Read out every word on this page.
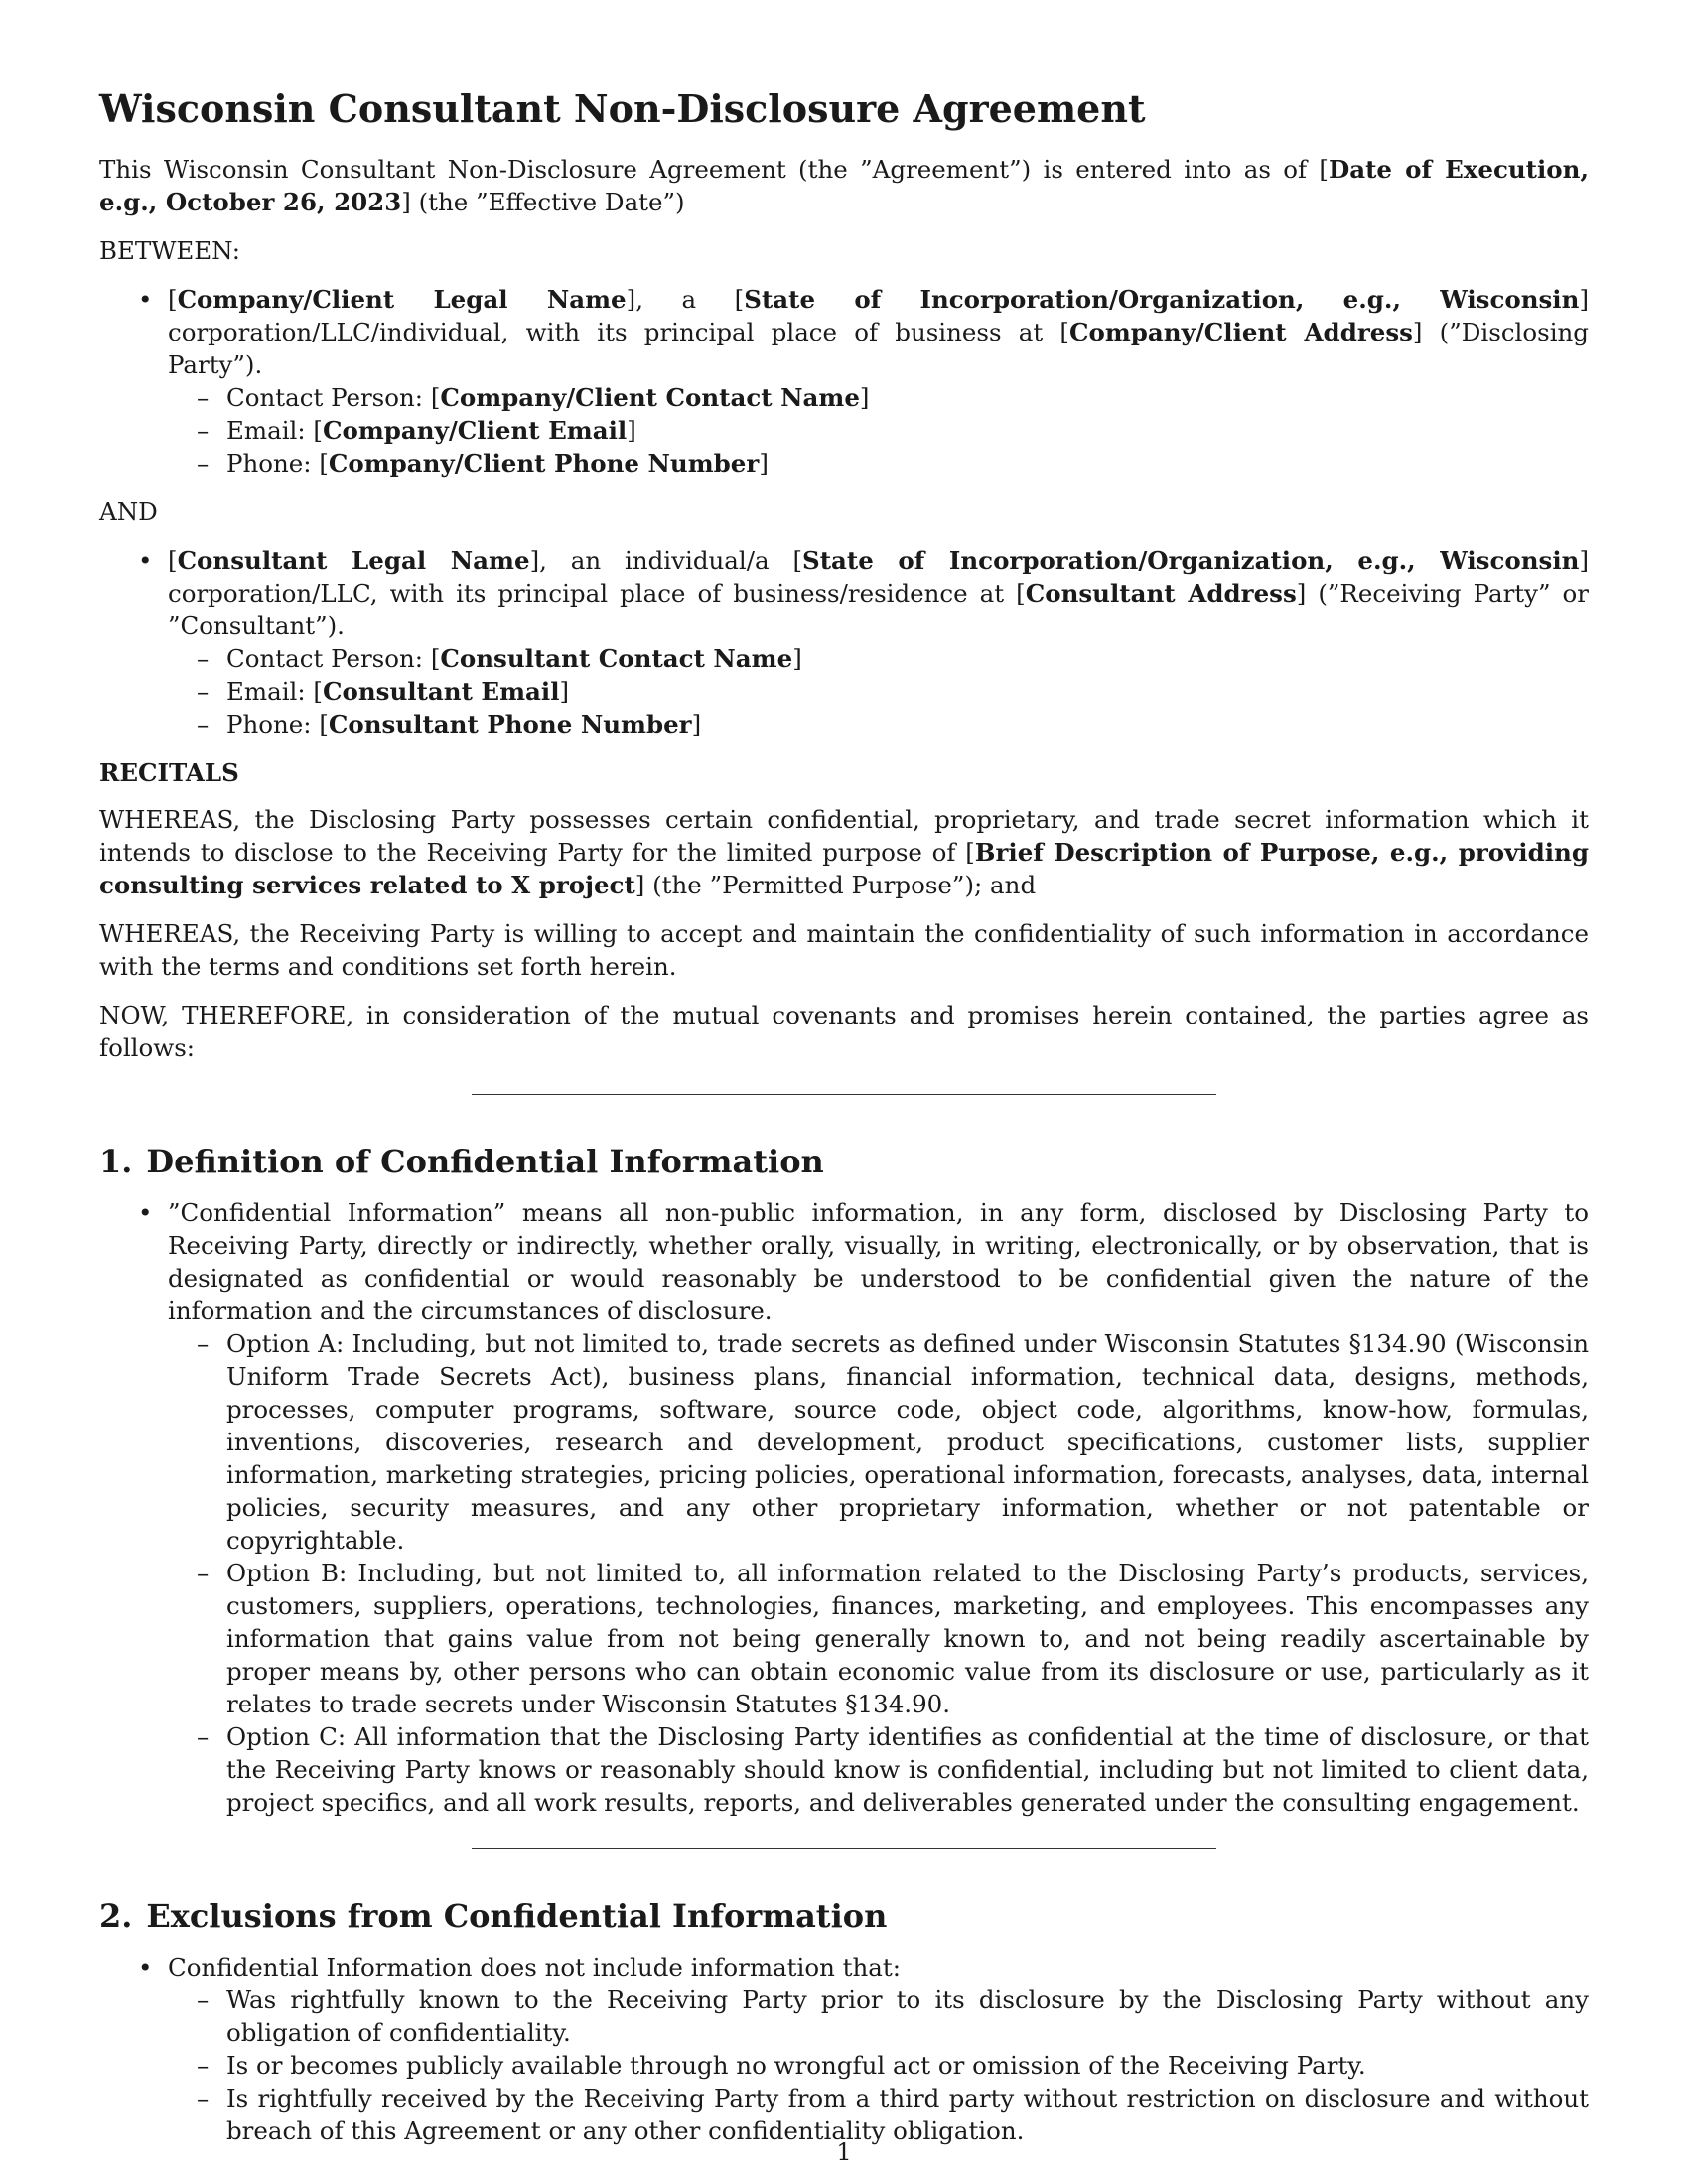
Wisconsin Consultant Non-Disclosure Agreement

This Wisconsin Consultant Non-Disclosure Agreement (the ”Agreement”) is entered into as of [Date of Execution, e.g., October 26, 2023] (the ”Effective Date”)

BETWEEN:

• [Company/Client Legal Name], a [State of Incorporation/Organization, e.g., Wisconsin] corporation/LLC/individual, with its principal place of business at [Company/Client Address] (”Disclosing Party”).
– Contact Person: [Company/Client Contact Name]
– Email: [Company/Client Email]
– Phone: [Company/Client Phone Number]

AND

• [Consultant Legal Name], an individual/a [State of Incorporation/Organization, e.g., Wisconsin] corporation/LLC, with its principal place of business/residence at [Consultant Address] (”Receiving Party” or ”Consultant”).
– Contact Person: [Consultant Contact Name]
– Email: [Consultant Email]
– Phone: [Consultant Phone Number]

RECITALS

WHEREAS, the Disclosing Party possesses certain confidential, proprietary, and trade secret information which it intends to disclose to the Receiving Party for the limited purpose of [Brief Description of Purpose, e.g., providing consulting services related to X project] (the ”Permitted Purpose”); and

WHEREAS, the Receiving Party is willing to accept and maintain the confidentiality of such information in accordance with the terms and conditions set forth herein.

NOW, THEREFORE, in consideration of the mutual covenants and promises herein contained, the parties agree as follows:

1. Definition of Confidential Information
• ”Confidential Information” means all non-public information, in any form, disclosed by Disclosing Party to Receiving Party, directly or indirectly, whether orally, visually, in writing, electronically, or by observation, that is designated as confidential or would reasonably be understood to be confidential given the nature of the information and the circumstances of disclosure.
– Option A: Including, but not limited to, trade secrets as defined under Wisconsin Statutes §134.90 (Wisconsin Uniform Trade Secrets Act), business plans, financial information, technical data, designs, methods, processes, computer programs, software, source code, object code, algorithms, know-how, formulas, inventions, discoveries, research and development, product specifications, customer lists, supplier information, marketing strategies, pricing policies, operational information, forecasts, analyses, data, internal policies, security measures, and any other proprietary information, whether or not patentable or copyrightable.
– Option B: Including, but not limited to, all information related to the Disclosing Party’s products, services, customers, suppliers, operations, technologies, finances, marketing, and employees. This encompasses any information that gains value from not being generally known to, and not being readily ascertainable by proper means by, other persons who can obtain economic value from its disclosure or use, particularly as it relates to trade secrets under Wisconsin Statutes §134.90.
– Option C: All information that the Disclosing Party identifies as confidential at the time of disclosure, or that the Receiving Party knows or reasonably should know is confidential, including but not limited to client data, project specifics, and all work results, reports, and deliverables generated under the consulting engagement.
2. Exclusions from Confidential Information
• Confidential Information does not include information that:
– Was rightfully known to the Receiving Party prior to its disclosure by the Disclosing Party without any obligation of confidentiality.
– Is or becomes publicly available through no wrongful act or omission of the Receiving Party.
– Is rightfully received by the Receiving Party from a third party without restriction on disclosure and without breach of this Agreement or any other confidentiality obligation.
1
